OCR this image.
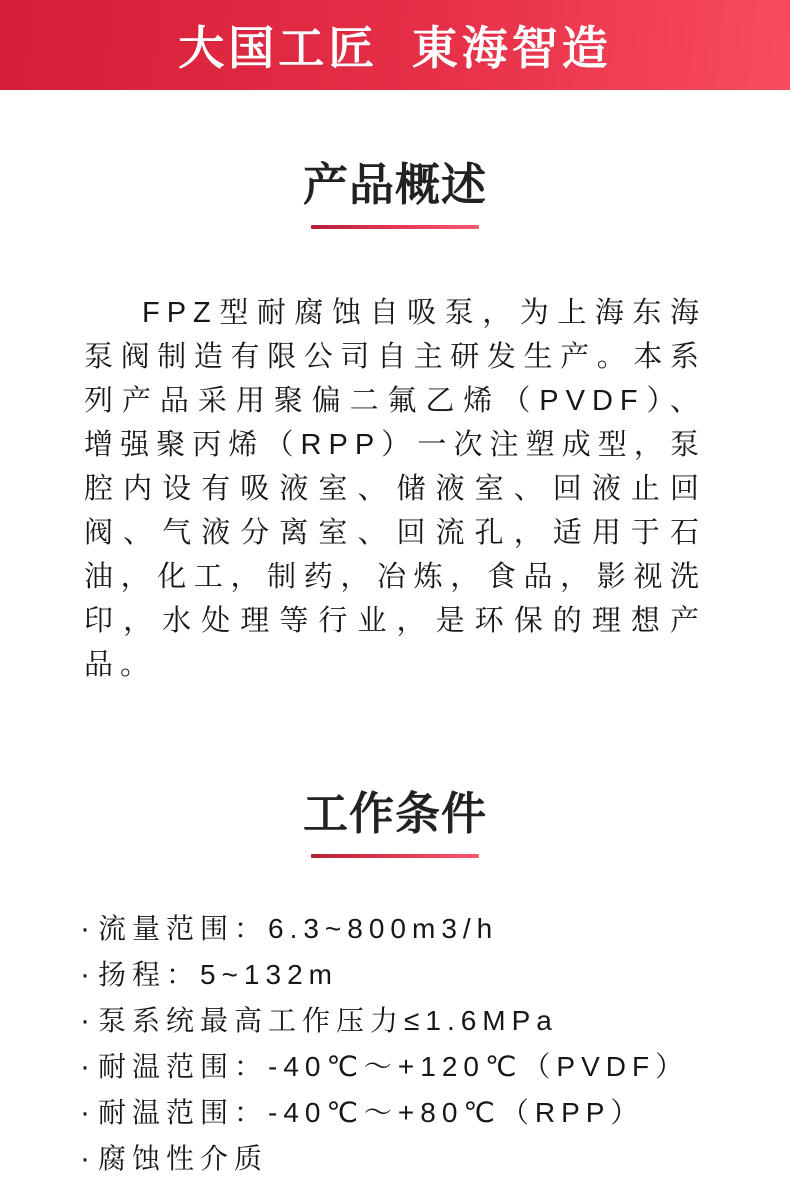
大国工匠  東海智造
产品概述

FPZ型耐腐蚀自吸泵，为上海东海泵阀制造有限公司自主研发生产。本系列产品采用聚偏二氟乙烯（PVDF）、增强聚丙烯（RPP）一次注塑成型，泵腔内设有吸液室、储液室、回液止回阀、气液分离室、回流孔，适用于石油，化工，制药，冶炼，食品，影视洗印，水处理等行业，是环保的理想产品。

工作条件
· 流量范围：6.3~800m3/h
· 扬程：5~132m
· 泵系统最高工作压力≤1.6MPa
· 耐温范围：-40℃～+120℃（PVDF）
· 耐温范围：-40℃～+80℃（RPP）
· 腐蚀性介质
